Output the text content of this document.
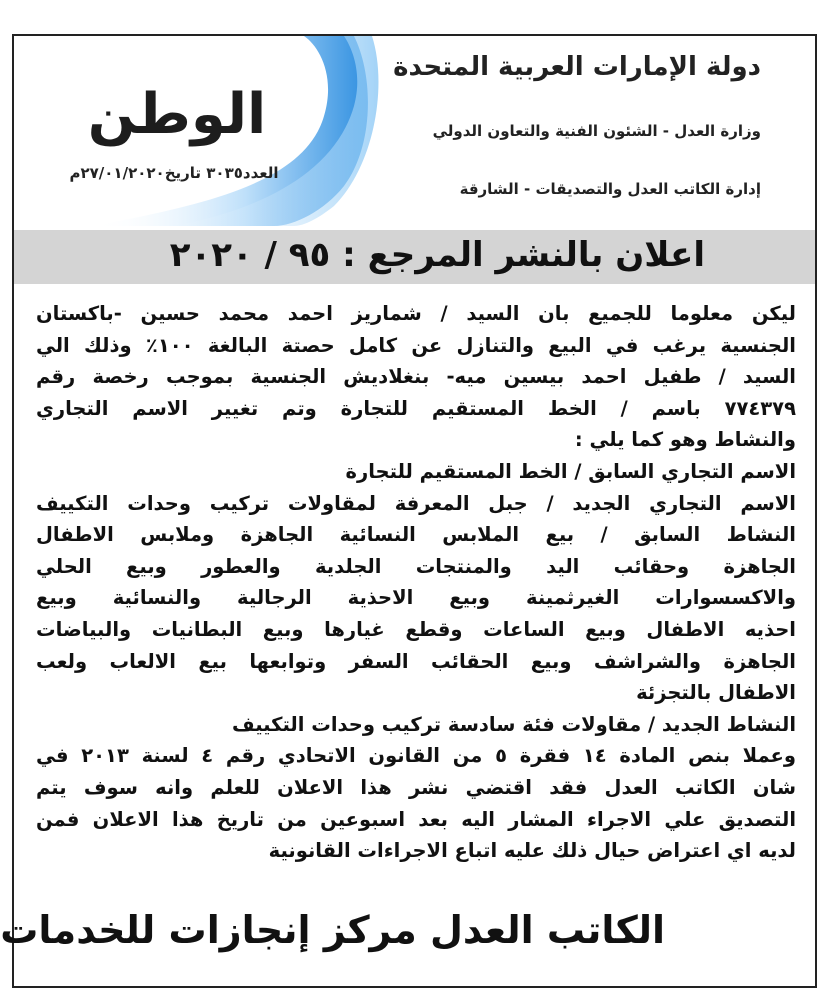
دولة الإمارات العربية المتحدة
وزارة العدل - الشئون الفنية والتعاون الدولي
إدارة الكاتب العدل والتصديقات - الشارقة
الوطن
العدد٣٠٣٥ تاريخ٢٧/٠١/٢٠٢٠م
اعلان بالنشر المرجع : ٩٥ / ٢٠٢٠
ليكن معلوما للجميع بان السيد / شماريز احمد محمد حسين -باكستان
الجنسية يرغب في البيع والتنازل عن كامل حصتة البالغة ١٠٠٪ وذلك الي
السيد / طفيل احمد بيسين ميه- بنغلاديش الجنسية بموجب رخصة رقم
٧٧٤٣٧٩ باسم / الخط المستقيم للتجارة وتم تغيير الاسم التجاري
والنشاط وهو كما يلي :
الاسم التجاري السابق / الخط المستقيم للتجارة
الاسم التجاري الجديد / جبل المعرفة لمقاولات تركيب وحدات التكييف
النشاط السابق / بيع الملابس النسائية الجاهزة وملابس الاطفال
الجاهزة وحقائب اليد والمنتجات الجلدية والعطور وبيع الحلي
والاكسسوارات الغيرثمينة وبيع الاحذية الرجالية والنسائية وبيع
احذيه الاطفال وبيع الساعات وقطع غيارها وبيع البطانيات والبياضات
الجاهزة والشراشف وبيع الحقائب السفر وتوابعها بيع الالعاب ولعب
الاطفال بالتجزئة
النشاط الجديد / مقاولات فئة سادسة تركيب وحدات التكييف
وعملا بنص المادة ١٤ فقرة ٥ من القانون الاتحادي رقم ٤ لسنة ٢٠١٣ في
شان الكاتب العدل فقد اقتضي نشر هذا الاعلان للعلم وانه سوف يتم
التصديق علي الاجراء المشار اليه بعد اسبوعين من تاريخ هذا الاعلان فمن
لديه اي اعتراض حيال ذلك عليه اتباع الاجراءات القانونية
الكاتب العدل مركز إنجازات للخدمات
